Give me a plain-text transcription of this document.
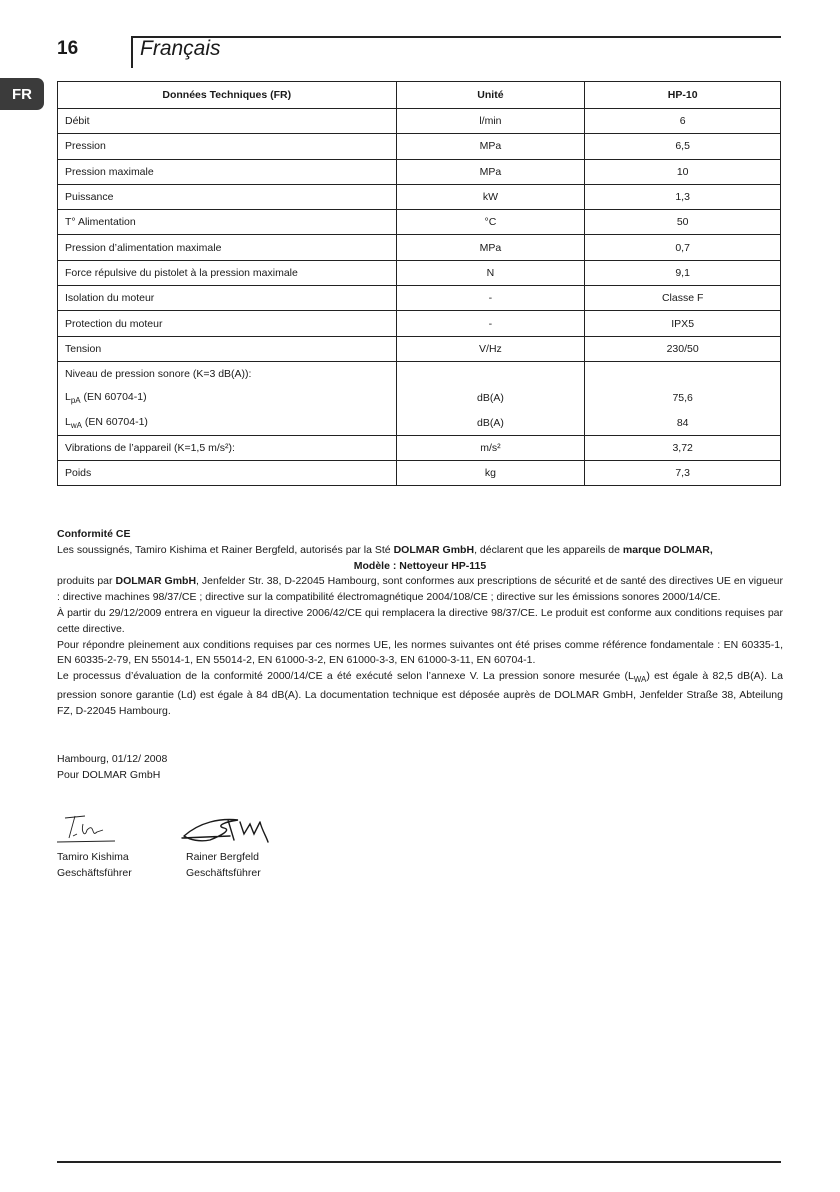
16	Français
FR	Données Techniques (FR)	Unité	HP-10
Débit	l/min	6
Pression	MPa	6,5
Pression maximale	MPa	10
Puissance	kW	1,3
T° Alimentation	°C	50
Pression d’alimentation maximale	MPa	0,7
Force répulsive du pistolet à la pression maximale	N	9,1
Isolation du moteur	-	Classe F
Protection du moteur	-	IPX5
Tension	V/Hz	230/50
Niveau de pression sonore (K=3 dB(A)):		
$L_{pA}$ (EN 60704-1)	dB(A)	75,6
$L_{wA}$ (EN 60704-1)	dB(A)	84
Vibrations de l’appareil (K=1,5 m/s²):	m/s²	3,72
Poids	kg	7,3

Conformité CE

Les soussignés, Tamiro Kishima et Rainer Bergfeld, autorisés par la Sté DOLMAR GmbH, déclarent que les appareils de marque DOLMAR,

Modèle : Nettoyeur HP-115

produits par DOLMAR GmbH, Jenfelder Str. 38, D-22045 Hambourg, sont conformes aux prescriptions de sécurité et de santé des directives UE en vigueur : directive machines 98/37/CE ; directive sur la compatibilité électromagnétique 2004/108/CE ; directive sur les émissions sonores 2000/14/CE.

À partir du 29/12/2009 entrera en vigueur la directive 2006/42/CE qui remplacera la directive 98/37/CE. Le produit est conforme aux conditions requises par cette directive.

Pour répondre pleinement aux conditions requises par ces normes UE, les normes suivantes ont été prises comme référence fondamentale : EN 60335-1, EN 60335-2-79, EN 55014-1, EN 55014-2, EN 61000-3-2, EN 61000-3-3, EN 61000-3-11, EN 60704-1.

Le processus d’évaluation de la conformité 2000/14/CE a été exécuté selon l’annexe V. La pression sonore mesurée $(L_{WA})$ est égale à 82,5 dB(A). La pression sonore garantie (Ld) est égale à 84 dB(A). La documentation technique est déposée auprès de DOLMAR GmbH, Jenfelder Straße 38, Abteilung FZ, D-22045 Hambourg.

Hambourg, 01/12/ 2008
Pour DOLMAR GmbH
Tamiro Kishima
Geschäftsführer
Rainer Bergfeld
Geschäftsführer
